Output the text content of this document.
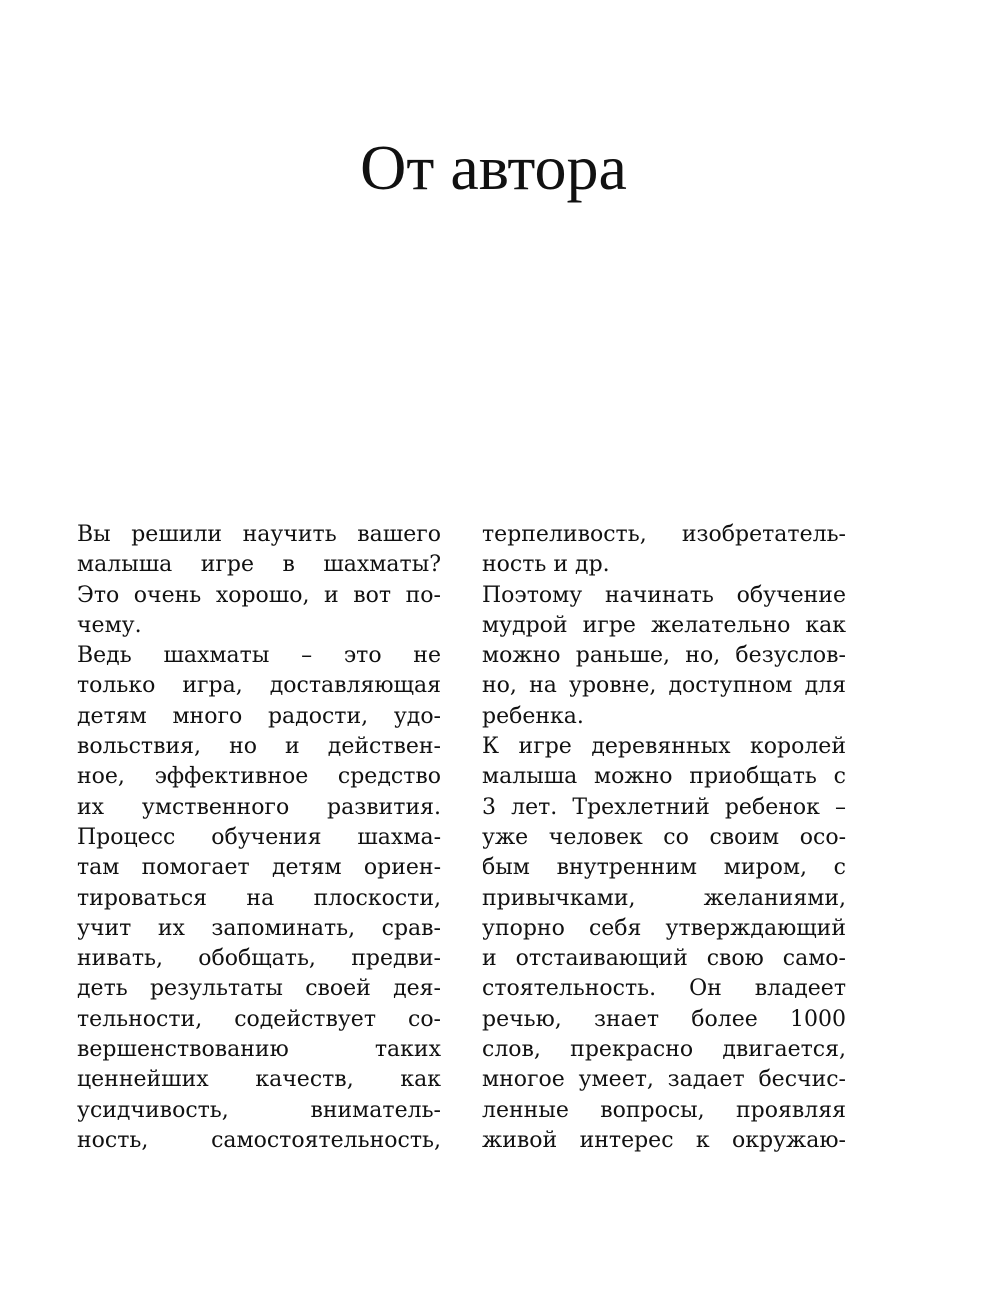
От автора
Вы решили научить вашего
малыша игре в шахматы?
Это очень хорошо, и вот по-
чему.
Ведь шахматы – это не
только игра, доставляющая
детям много радости, удо-
вольствия, но и действен-
ное, эффективное средство
их умственного развития.
Процесс обучения шахма-
там помогает детям ориен-
тироваться на плоскости,
учит их запоминать, срав-
нивать, обобщать, предви-
деть результаты своей дея-
тельности, содействует со-
вершенствованию таких
ценнейших качеств, как
усидчивость, вниматель-
ность, самостоятельность,
терпеливость, изобретатель-
ность и др.
Поэтому начинать обучение
мудрой игре желательно как
можно раньше, но, безуслов-
но, на уровне, доступном для
ребенка.
К игре деревянных королей
малыша можно приобщать с
3 лет. Трехлетний ребенок –
уже человек со своим осо-
бым внутренним миром, с
привычками, желаниями,
упорно себя утверждающий
и отстаивающий свою само-
стоятельность. Он владеет
речью, знает более 1000
слов, прекрасно двигается,
многое умеет, задает бесчис-
ленные вопросы, проявляя
живой интерес к окружаю-
